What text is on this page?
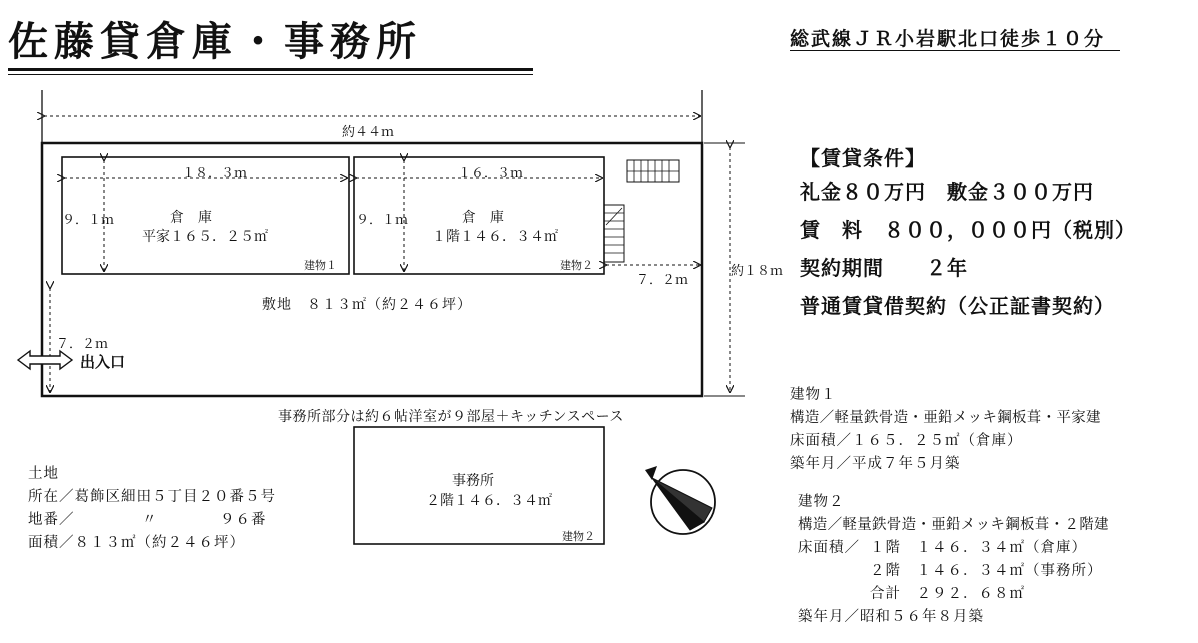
佐藤貸倉庫・事務所	総武線ＪＲ小岩駅北口徒歩１０分
約４４ｍ
約１８ｍ
１８．３ｍ
９．１ｍ	倉　庫
平家１６５．２５㎡
建物１
１６．３ｍ
９．１ｍ	倉　庫
１階１４６．３４㎡
建物２
７．２ｍ
敷地　８１３㎡（約２４６坪）
７．２ｍ
出入口
事務所部分は約６帖洋室が９部屋＋キッチンスペース
事務所
２階１４６．３４㎡
建物２
【賃貸条件】
礼金８０万円　敷金３００万円
賃　料　８００，０００円（税別）
契約期間　　２年
普通賃貸借契約（公正証書契約）
土地
所在／葛飾区細田５丁目２０番５号
地番／	〃	９６番
面積／８１３㎡（約２４６坪）
建物１
構造／軽量鉄骨造・亜鉛メッキ鋼板葺・平家建
床面積／１６５．２５㎡（倉庫）
築年月／平成７年５月築
建物２
構造／軽量鉄骨造・亜鉛メッキ鋼板葺・２階建
床面積／ １階　１４６．３４㎡（倉庫）
２階　１４６．３４㎡（事務所）
合計　２９２．６８㎡
築年月／昭和５６年８月築
